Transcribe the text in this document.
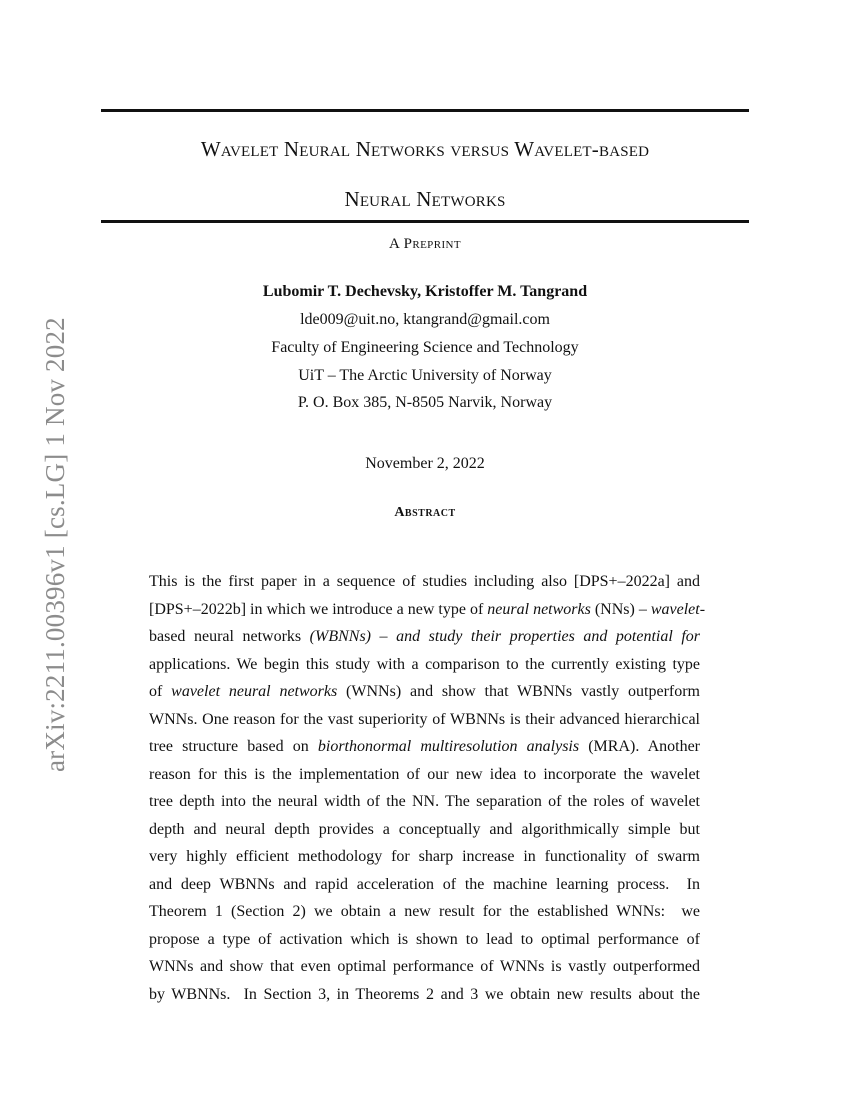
arXiv:2211.00396v1 [cs.LG] 1 Nov 2022
Wavelet Neural Networks versus Wavelet-based
Neural Networks
A Preprint
Lubomir T. Dechevsky, Kristoffer M. Tangrand
lde009@uit.no, ktangrand@gmail.com
Faculty of Engineering Science and Technology
UiT – The Arctic University of Norway
P. O. Box 385, N-8505 Narvik, Norway
November 2, 2022
Abstract
This is the first paper in a sequence of studies including also [DPS+–2022a] and
[DPS+–2022b] in which we introduce a new type of neural networks (NNs) – wavelet-
based neural networks (WBNNs) – and study their properties and potential for
applications. We begin this study with a comparison to the currently existing type
of wavelet neural networks (WNNs) and show that WBNNs vastly outperform
WNNs. One reason for the vast superiority of WBNNs is their advanced hierarchical
tree structure based on biorthonormal multiresolution analysis (MRA). Another
reason for this is the implementation of our new idea to incorporate the wavelet
tree depth into the neural width of the NN. The separation of the roles of wavelet
depth and neural depth provides a conceptually and algorithmically simple but
very highly efficient methodology for sharp increase in functionality of swarm
and deep WBNNs and rapid acceleration of the machine learning process.  In
Theorem 1 (Section 2) we obtain a new result for the established WNNs:  we
propose a type of activation which is shown to lead to optimal performance of
WNNs and show that even optimal performance of WNNs is vastly outperformed
by WBNNs.  In Section 3, in Theorems 2 and 3 we obtain new results about the
